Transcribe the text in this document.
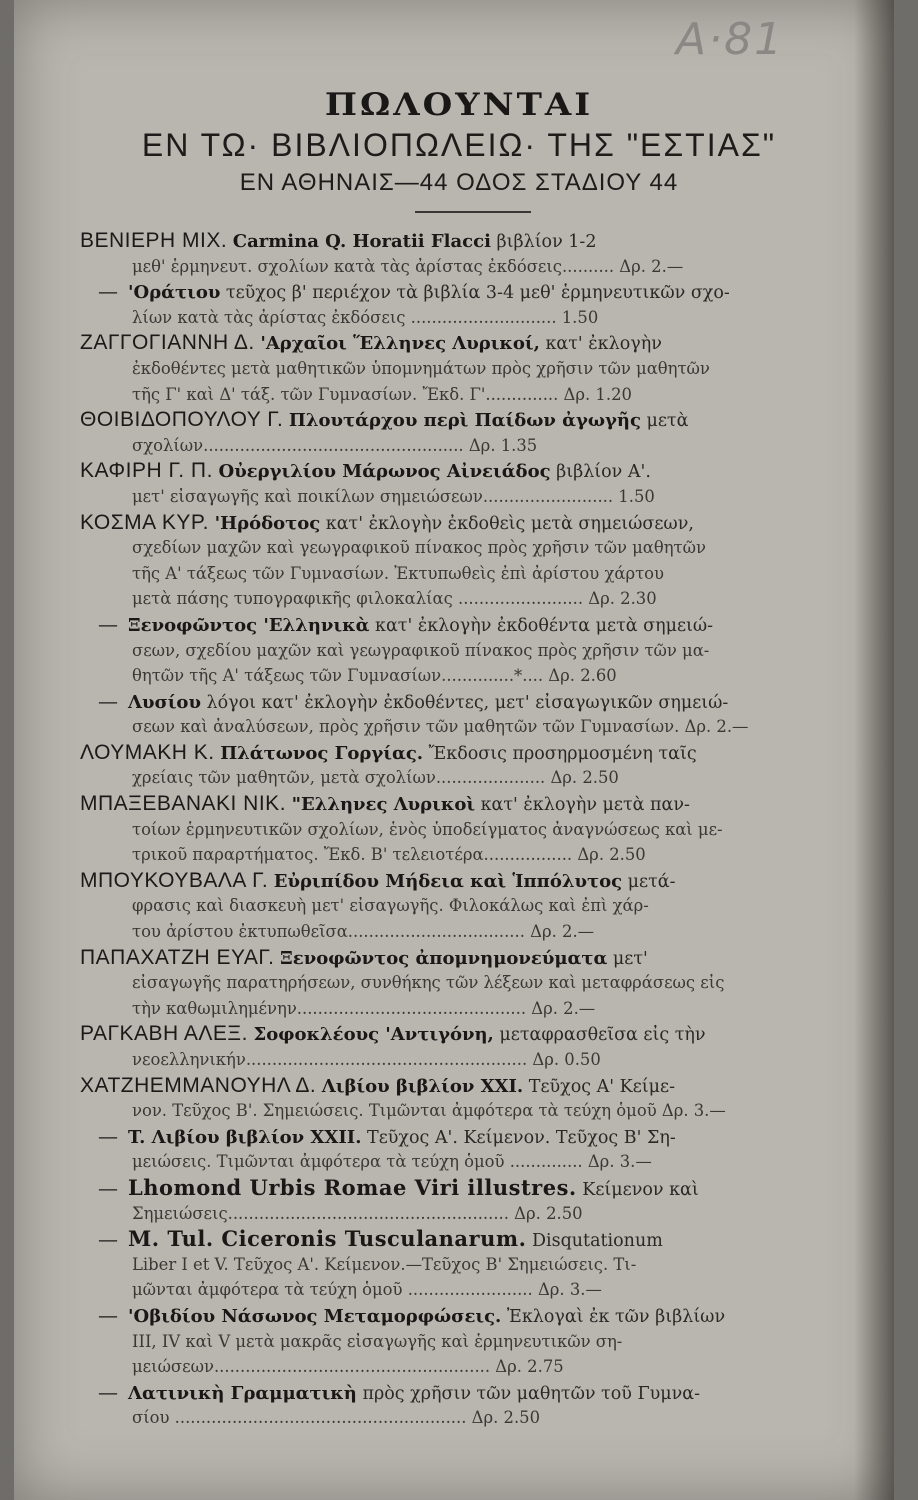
A·81
ΠΩΛΟΥΝΤΑΙ
ΕΝ ΤΩ· ΒΙΒΛΙΟΠΩΛΕΙΩ· ΤΗΣ "ΕΣΤΙΑΣ"
ΕΝ ΑΘΗΝΑΙΣ—44 ΟΔΟΣ ΣΤΑΔΙΟΥ 44
ΒΕΝΙΕΡΗ ΜΙΧ. Carmina Q. Horatii Flacci βιβλίον 1-2
μεθ' ἑρμηνευτ. σχολίων κατὰ τὰς ἀρίστας ἐκδόσεις.......... Δρ. 2.—
— 'Οράτιου τεῦχος β' περιέχον τὰ βιβλία 3-4 μεθ' ἑρμηνευτικῶν σχο-
λίων κατὰ τὰς ἀρίστας ἐκδόσεις ............................ 1.50
ΖΑΓΓΟΓΙΑΝΝΗ Δ. 'Αρχαῖοι Ἕλληνες Λυρικοί, κατ' ἐκλογὴν
ἐκδοθέντες μετὰ μαθητικῶν ὑπομνημάτων πρὸς χρῆσιν τῶν μαθητῶν
τῆς Γ' καὶ Δ' τάξ. τῶν Γυμνασίων. Ἔκδ. Γ'.............. Δρ. 1.20
ΘΟΙΒΙΔΟΠΟΥΛΟΥ Γ. Πλουτάρχου περὶ Παίδων ἀγωγῆς μετὰ
σχολίων.................................................. Δρ. 1.35
ΚΑΦΙΡΗ Γ. Π. Οὐεργιλίου Μάρωνος Αἰνειάδος βιβλίον Α'.
μετ' εἰσαγωγῆς καὶ ποικίλων σημειώσεων......................... 1.50
ΚΟΣΜΑ ΚΥΡ. 'Ηρόδοτος κατ' ἐκλογὴν ἐκδοθεὶς μετὰ σημειώσεων,
σχεδίων μαχῶν καὶ γεωγραφικοῦ πίνακος πρὸς χρῆσιν τῶν μαθητῶν
τῆς Α' τάξεως τῶν Γυμνασίων. Ἐκτυπωθεὶς ἐπὶ ἀρίστου χάρτου
μετὰ πάσης τυπογραφικῆς φιλοκαλίας ........................ Δρ. 2.30
— Ξενοφῶντος 'Ελληνικὰ κατ' ἐκλογὴν ἐκδοθέντα μετὰ σημειώ-
σεων, σχεδίου μαχῶν καὶ γεωγραφικοῦ πίνακος πρὸς χρῆσιν τῶν μα-
θητῶν τῆς Α' τάξεως τῶν Γυμνασίων..............*.... Δρ. 2.60
— Λυσίου λόγοι κατ' ἐκλογὴν ἐκδοθέντες, μετ' εἰσαγωγικῶν σημειώ-
σεων καὶ ἀναλύσεων, πρὸς χρῆσιν τῶν μαθητῶν τῶν Γυμνασίων. Δρ. 2.—
ΛΟΥΜΑΚΗ Κ. Πλάτωνος Γοργίας. Ἔκδοσις προσηρμοσμένη ταῖς
χρείαις τῶν μαθητῶν, μετὰ σχολίων..................... Δρ. 2.50
ΜΠΑΞΕΒΑΝΑΚΙ ΝΙΚ. "Ελληνες Λυρικοὶ κατ' ἐκλογὴν μετὰ παν-
τοίων ἑρμηνευτικῶν σχολίων, ἑνὸς ὑποδείγματος ἀναγνώσεως καὶ με-
τρικοῦ παραρτήματος. Ἔκδ. Β' τελειοτέρα................. Δρ. 2.50
ΜΠΟΥΚΟΥΒΑΛΑ Γ. Εὐριπίδου Μήδεια καὶ Ἱππόλυτος μετά-
φρασις καὶ διασκευὴ μετ' εἰσαγωγῆς. Φιλοκάλως καὶ ἐπὶ χάρ-
του ἀρίστου ἐκτυπωθεῖσα.................................. Δρ. 2.—
ΠΑΠΑΧΑΤΖΗ ΕΥΑΓ. Ξενοφῶντος ἀπομνημονεύματα μετ'
εἰσαγωγῆς παρατηρήσεων, συνθήκης τῶν λέξεων καὶ μεταφράσεως εἰς
τὴν καθωμιλημένην............................................ Δρ. 2.—
ΡΑΓΚΑΒΗ ΑΛΕΞ. Σοφοκλέους 'Αντιγόνη, μεταφρασθεῖσα εἰς τὴν
νεοελληνικήν...................................................... Δρ. 0.50
ΧΑΤΖΗΕΜΜΑΝΟΥΗΛ Δ. Λιβίου βιβλίον XXI. Τεῦχος Α' Κείμε-
νον. Τεῦχος Β'. Σημειώσεις. Τιμῶνται ἀμφότερα τὰ τεύχη ὁμοῦ Δρ. 3.—
— T. Λιβίου βιβλίον XXII. Τεῦχος Α'. Κείμενον. Τεῦχος Β' Ση-
μειώσεις. Τιμῶνται ἀμφότερα τὰ τεύχη ὁμοῦ .............. Δρ. 3.—
— Lhomond Urbis Romae Viri illustres. Κείμενον καὶ
Σημειώσεις...................................................... Δρ. 2.50
— M. Tul. Ciceronis Tusculanarum. Disqutationum
Liber I et V. Τεῦχος Α'. Κείμενον.—Τεῦχος Β' Σημειώσεις. Τι-
μῶνται ἀμφότερα τὰ τεύχη ὁμοῦ ........................ Δρ. 3.—
— 'Οβιδίου Νάσωνος Μεταμορφώσεις. Ἐκλογαὶ ἐκ τῶν βιβλίων
III, IV καὶ V μετὰ μακρᾶς εἰσαγωγῆς καὶ ἑρμηνευτικῶν ση-
μειώσεων..................................................... Δρ. 2.75
— Λατινικὴ Γραμματικὴ πρὸς χρῆσιν τῶν μαθητῶν τοῦ Γυμνα-
σίου ........................................................ Δρ. 2.50
